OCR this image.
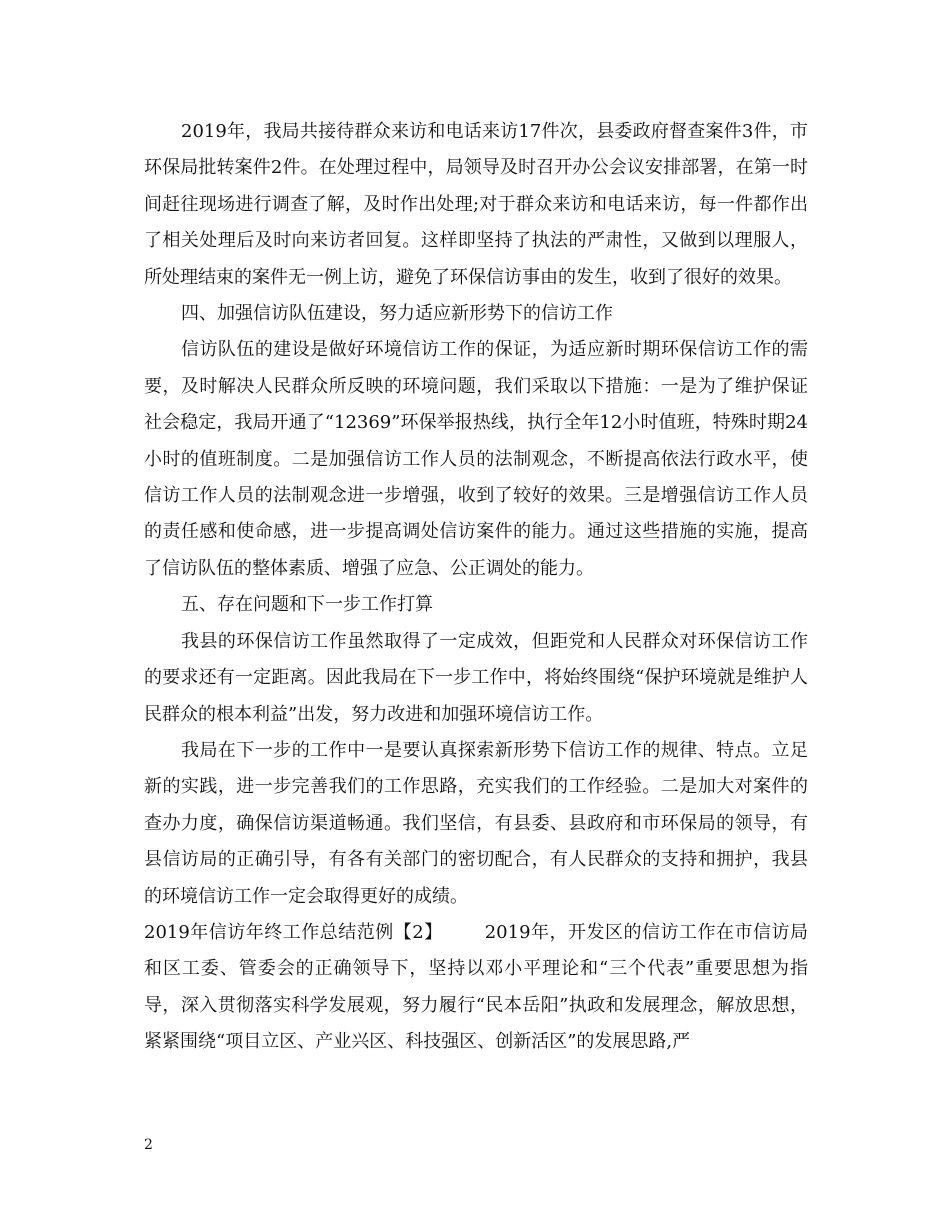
2019年，我局共接待群众来访和电话来访17件次，县委政府督查案件3件，市环保局批转案件2件。在处理过程中，局领导及时召开办公会议安排部署，在第一时间赶往现场进行调查了解，及时作出处理;对于群众来访和电话来访，每一件都作出了相关处理后及时向来访者回复。这样即坚持了执法的严肃性，又做到以理服人，所处理结束的案件无一例上访，避免了环保信访事由的发生，收到了很好的效果。

四、加强信访队伍建设，努力适应新形势下的信访工作

信访队伍的建设是做好环境信访工作的保证，为适应新时期环保信访工作的需要，及时解决人民群众所反映的环境问题，我们采取以下措施：一是为了维护保证社会稳定，我局开通了“12369”环保举报热线，执行全年12小时值班，特殊时期24小时的值班制度。二是加强信访工作人员的法制观念，不断提高依法行政水平，使信访工作人员的法制观念进一步增强，收到了较好的效果。三是增强信访工作人员的责任感和使命感，进一步提高调处信访案件的能力。通过这些措施的实施，提高了信访队伍的整体素质、增强了应急、公正调处的能力。

五、存在问题和下一步工作打算

我县的环保信访工作虽然取得了一定成效，但距党和人民群众对环保信访工作的要求还有一定距离。因此我局在下一步工作中，将始终围绕“保护环境就是维护人民群众的根本利益”出发，努力改进和加强环境信访工作。

我局在下一步的工作中一是要认真探索新形势下信访工作的规律、特点。立足新的实践，进一步完善我们的工作思路，充实我们的工作经验。二是加大对案件的查办力度，确保信访渠道畅通。我们坚信，有县委、县政府和市环保局的领导，有县信访局的正确引导，有各有关部门的密切配合，有人民群众的支持和拥护，我县的环境信访工作一定会取得更好的成绩。

2019年信访年终工作总结范例【2】 2019年，开发区的信访工作在市信访局和区工委、管委会的正确领导下，坚持以邓小平理论和“三个代表”重要思想为指导，深入贯彻落实科学发展观，努力履行“民本岳阳”执政和发展理念，解放思想，紧紧围绕“项目立区、产业兴区、科技强区、创新活区”的发展思路,严

2
